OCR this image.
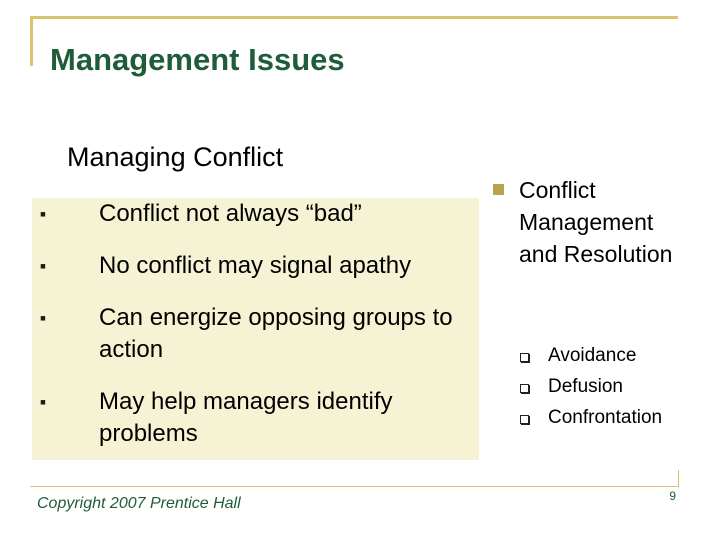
Management Issues
Managing Conflict
▪ Conflict not always “bad”
▪ No conflict may signal apathy
▪ Can energize opposing groups to action
▪ May help managers identify problems
Conflict Management and Resolution
Avoidance
Defusion
Confrontation
Copyright 2007 Prentice Hall	9
